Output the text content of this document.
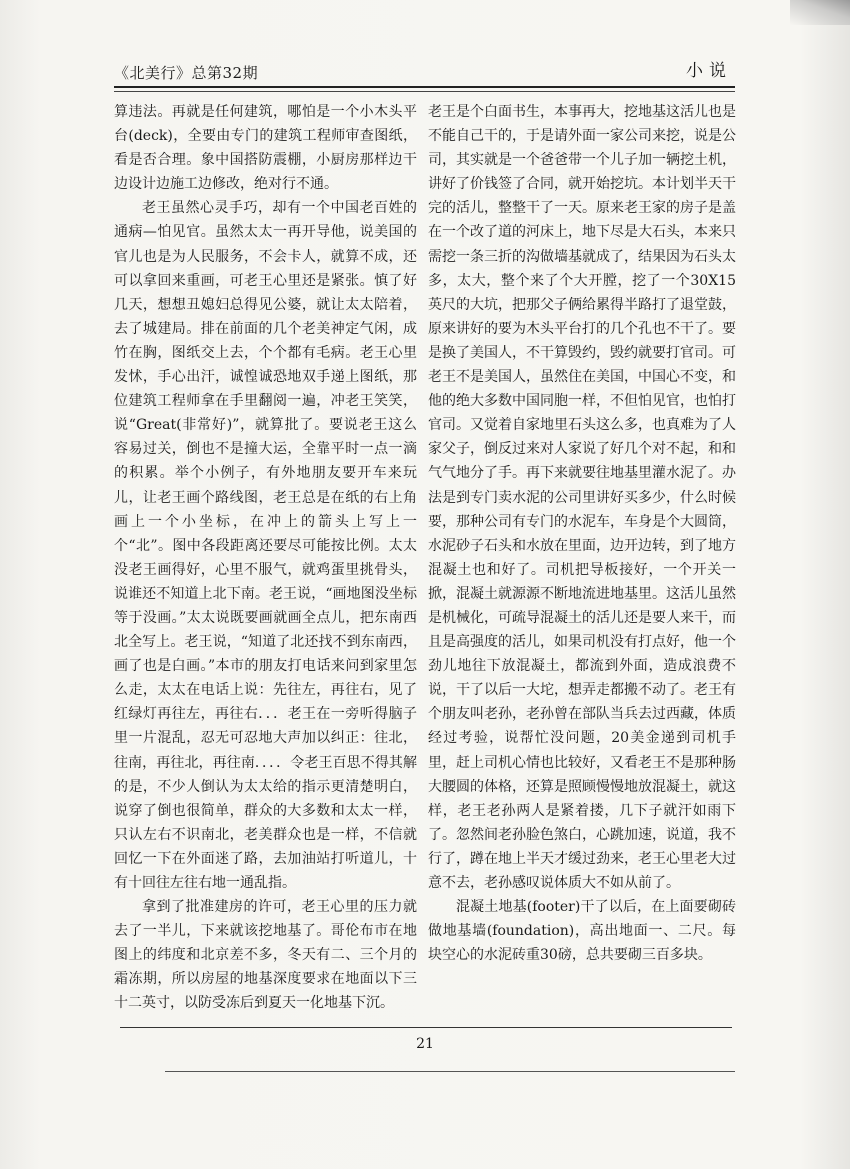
《北美行》总第32期	小说

算违法。再就是任何建筑，哪怕是一个小木头平台(deck)，全要由专门的建筑工程师审查图纸，看是否合理。象中国搭防震棚，小厨房那样边干边设计边施工边修改，绝对行不通。

老王虽然心灵手巧，却有一个中国老百姓的通病—怕见官。虽然太太一再开导他，说美国的官儿也是为人民服务，不会卡人，就算不成，还可以拿回来重画，可老王心里还是紧张。慎了好几天，想想丑媳妇总得见公婆，就让太太陪着，去了城建局。排在前面的几个老美神定气闲，成竹在胸，图纸交上去，个个都有毛病。老王心里发怵，手心出汗，诚惶诚恐地双手递上图纸，那位建筑工程师拿在手里翻阅一遍，冲老王笑笑，说“Great(非常好)”，就算批了。要说老王这么容易过关，倒也不是撞大运，全靠平时一点一滴的积累。举个小例子，有外地朋友要开车来玩儿，让老王画个路线图，老王总是在纸的右上角画上一个小坐标，在冲上的箭头上写上一个“北”。图中各段距离还要尽可能按比例。太太没老王画得好，心里不服气，就鸡蛋里挑骨头，说谁还不知道上北下南。老王说，“画地图没坐标等于没画。”太太说既要画就画全点儿，把东南西北全写上。老王说，“知道了北还找不到东南西，画了也是白画。”本市的朋友打电话来问到家里怎么走，太太在电话上说：先往左，再往右，见了红绿灯再往左，再往右．．．老王在一旁听得脑子里一片混乱，忍无可忍地大声加以纠正：往北，往南，再往北，再往南．．．．令老王百思不得其解的是，不少人倒认为太太给的指示更清楚明白，说穿了倒也很简单，群众的大多数和太太一样，只认左右不识南北，老美群众也是一样，不信就回忆一下在外面迷了路，去加油站打听道儿，十有十回往左往右地一通乱指。

拿到了批准建房的许可，老王心里的压力就去了一半儿，下来就该挖地基了。哥伦布市在地图上的纬度和北京差不多，冬天有二、三个月的霜冻期，所以房屋的地基深度要求在地面以下三十二英寸，以防受冻后到夏天一化地基下沉。

老王是个白面书生，本事再大，挖地基这活儿也是不能自己干的，于是请外面一家公司来挖，说是公司，其实就是一个爸爸带一个儿子加一辆挖土机，讲好了价钱签了合同，就开始挖坑。本计划半天干完的活儿，整整干了一天。原来老王家的房子是盖在一个改了道的河床上，地下尽是大石头，本来只需挖一条三折的沟做墙基就成了，结果因为石头太多，太大，整个来了个大开膛，挖了一个30X15英尺的大坑，把那父子俩给累得半路打了退堂鼓，原来讲好的要为木头平台打的几个孔也不干了。要是换了美国人，不干算毁约，毁约就要打官司。可老王不是美国人，虽然住在美国，中国心不变，和他的绝大多数中国同胞一样，不但怕见官，也怕打官司。又觉着自家地里石头这么多，也真难为了人家父子，倒反过来对人家说了好几个对不起，和和气气地分了手。再下来就要往地基里灌水泥了。办法是到专门卖水泥的公司里讲好买多少，什么时候要，那种公司有专门的水泥车，车身是个大圆筒，水泥砂子石头和水放在里面，边开边转，到了地方混凝土也和好了。司机把导板接好，一个开关一掀，混凝土就源源不断地流进地基里。这活儿虽然是机械化，可疏导混凝土的活儿还是要人来干，而且是高强度的活儿，如果司机没有打点好，他一个劲儿地往下放混凝土，都流到外面，造成浪费不说，干了以后一大坨，想弄走都搬不动了。老王有个朋友叫老孙，老孙曾在部队当兵去过西藏，体质经过考验，说帮忙没问题，20美金递到司机手里，赶上司机心情也比较好，又看老王不是那种肠大腰圆的体格，还算是照顾慢慢地放混凝土，就这样，老王老孙两人是紧着搂，几下子就汗如雨下了。忽然间老孙脸色煞白，心跳加速，说道，我不行了，蹲在地上半天才缓过劲来，老王心里老大过意不去，老孙感叹说体质大不如从前了。

混凝土地基(footer)干了以后，在上面要砌砖做地基墙(foundation)，高出地面一、二尺。每块空心的水泥砖重30磅，总共要砌三百多块。

21
